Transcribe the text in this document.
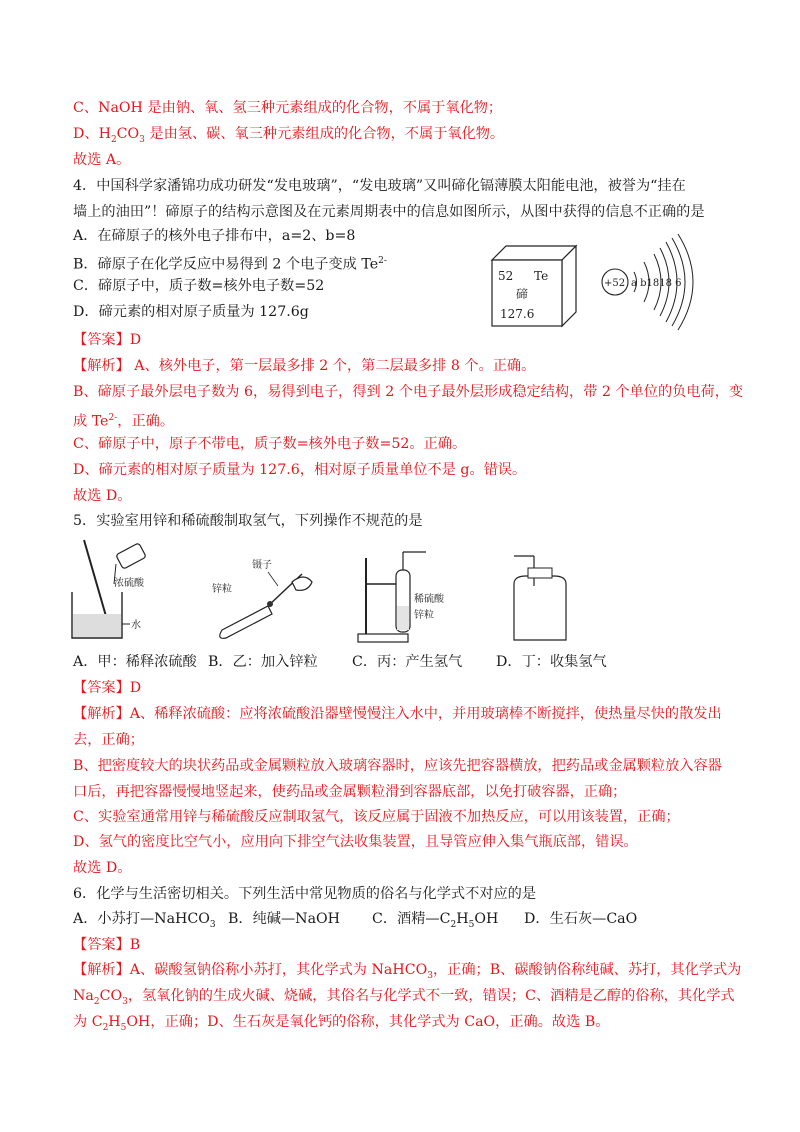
C、NaOH 是由钠、氧、氢三种元素组成的化合物，不属于氧化物；
D、$H_2CO_3$ 是由氢、碳、氧三种元素组成的化合物，不属于氧化物。
故选 A。
4．中国科学家潘锦功成功研发“发电玻璃”，“发电玻璃”又叫碲化镉薄膜太阳能电池，被誉为“挂在
墙上的油田”！碲原子的结构示意图及在元素周期表中的信息如图所示，从图中获得的信息不正确的是
A．在碲原子的核外电子排布中，a=2、b=8
B．碲原子在化学反应中易得到 2 个电子变成 $Te^{2-}$
C．碲原子中，质子数=核外电子数=52
D．碲元素的相对原子质量为 127.6g
52 Te
碲
127.6
+52 a b1818 6
【答案】D
【解析】 A、核外电子，第一层最多排 2 个，第二层最多排 8 个。正确。
B、碲原子最外层电子数为 6，易得到电子，得到 2 个电子最外层形成稳定结构，带 2 个单位的负电荷，变
成 $Te^{2-}$，正确。
C、碲原子中，原子不带电，质子数=核外电子数=52。正确。
D、碲元素的相对原子质量为 127.6，相对原子质量单位不是 g。错误。
故选 D。
5．实验室用锌和稀硫酸制取氢气，下列操作不规范的是
浓硫酸
水
镊子
锌粒
稀硫酸
锌粒
A．甲：稀释浓硫酸 B．乙：加入锌粒 C．丙：产生氢气 D．丁：收集氢气
【答案】D
【解析】A、稀释浓硫酸：应将浓硫酸沿器壁慢慢注入水中，并用玻璃棒不断搅拌，使热量尽快的散发出
去，正确；
B、把密度较大的块状药品或金属颗粒放入玻璃容器时，应该先把容器横放，把药品或金属颗粒放入容器
口后，再把容器慢慢地竖起来，使药品或金属颗粒滑到容器底部，以免打破容器，正确；
C、实验室通常用锌与稀硫酸反应制取氢气，该反应属于固液不加热反应，可以用该装置，正确；
D、氢气的密度比空气小，应用向下排空气法收集装置，且导管应伸入集气瓶底部，错误。
故选 D。
6．化学与生活密切相关。下列生活中常见物质的俗名与化学式不对应的是
A．小苏打—NaHCO$_3$ B．纯碱—NaOH C．酒精$—C_2H_5OH$ D．生石灰—CaO
【答案】B
【解析】A、碳酸氢钠俗称小苏打，其化学式为 NaHCO$_3$，正确；B、碳酸钠俗称纯碱、苏打，其化学式为
$Na_2CO_3$，氢氧化钠的生成火碱、烧碱，其俗名与化学式不一致，错误；C、酒精是乙醇的俗称，其化学式
为 $C_2H_5OH$，正确；D、生石灰是氧化钙的俗称，其化学式为 CaO，正确。故选 B。
